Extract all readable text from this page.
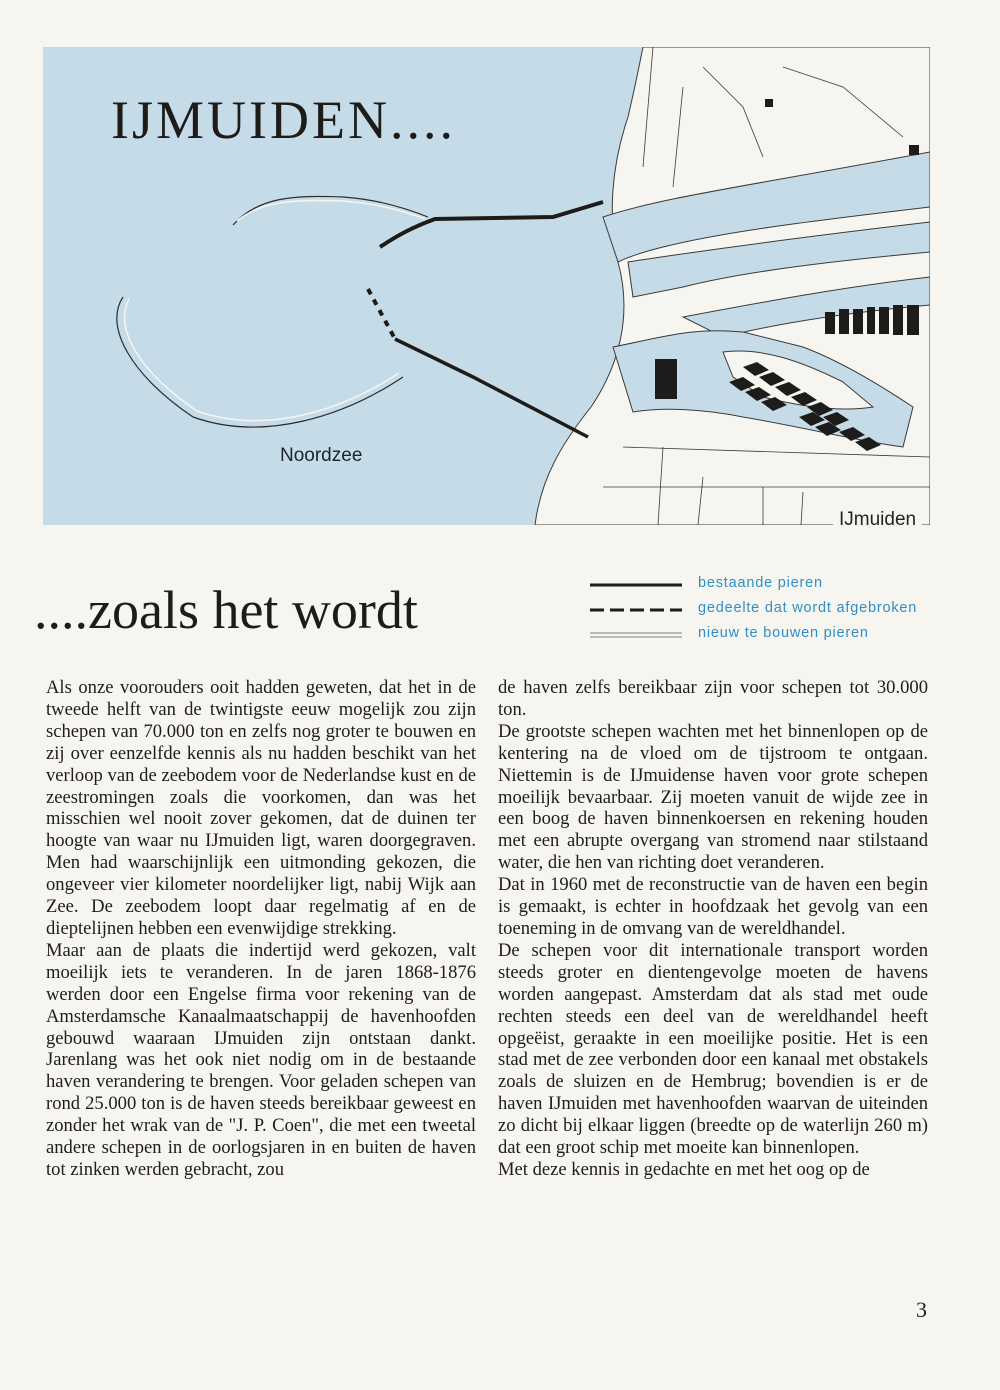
IJMUIDEN....
Noordzee
IJmuiden
....zoals het wordt	bestaande pieren
gedeelte dat wordt afgebroken
nieuw te bouwen pieren

Als onze voorouders ooit hadden geweten, dat het in de tweede helft van de twintigste eeuw mogelijk zou zijn schepen van 70.000 ton en zelfs nog groter te bouwen en zij over eenzelfde kennis als nu hadden beschikt van het verloop van de zeebodem voor de Nederlandse kust en de zeestromingen zoals die voorkomen, dan was het misschien wel nooit zover gekomen, dat de duinen ter hoogte van waar nu IJmuiden ligt, waren doorgegraven. Men had waarschijnlijk een uitmonding gekozen, die ongeveer vier kilometer noordelijker ligt, nabij Wijk aan Zee. De zeebodem loopt daar regelmatig af en de dieptelijnen hebben een evenwijdige strekking.

Maar aan de plaats die indertijd werd gekozen, valt moeilijk iets te veranderen. In de jaren 1868-1876 werden door een Engelse firma voor rekening van de Amsterdamsche Kanaalmaatschappij de havenhoofden gebouwd waaraan IJmuiden zijn ontstaan dankt. Jarenlang was het ook niet nodig om in de bestaande haven verandering te brengen. Voor geladen schepen van rond 25.000 ton is de haven steeds bereikbaar geweest en zonder het wrak van de "J. P. Coen", die met een tweetal andere schepen in de oorlogsjaren in en buiten de haven tot zinken werden gebracht, zou

de haven zelfs bereikbaar zijn voor schepen tot 30.000 ton.

De grootste schepen wachten met het binnenlopen op de kentering na de vloed om de tijstroom te ontgaan. Niettemin is de IJmuidense haven voor grote schepen moeilijk bevaarbaar. Zij moeten vanuit de wijde zee in een boog de haven binnenkoersen en rekening houden met een abrupte overgang van stromend naar stilstaand water, die hen van richting doet veranderen.

Dat in 1960 met de reconstructie van de haven een begin is gemaakt, is echter in hoofdzaak het gevolg van een toeneming in de omvang van de wereldhandel.

De schepen voor dit internationale transport worden steeds groter en dientengevolge moeten de havens worden aangepast. Amsterdam dat als stad met oude rechten steeds een deel van de wereldhandel heeft opgeëist, geraakte in een moeilijke positie. Het is een stad met de zee verbonden door een kanaal met obstakels zoals de sluizen en de Hembrug; bovendien is er de haven IJmuiden met havenhoofden waarvan de uiteinden zo dicht bij elkaar liggen (breedte op de waterlijn 260 m) dat een groot schip met moeite kan binnenlopen.

Met deze kennis in gedachte en met het oog op de

3
